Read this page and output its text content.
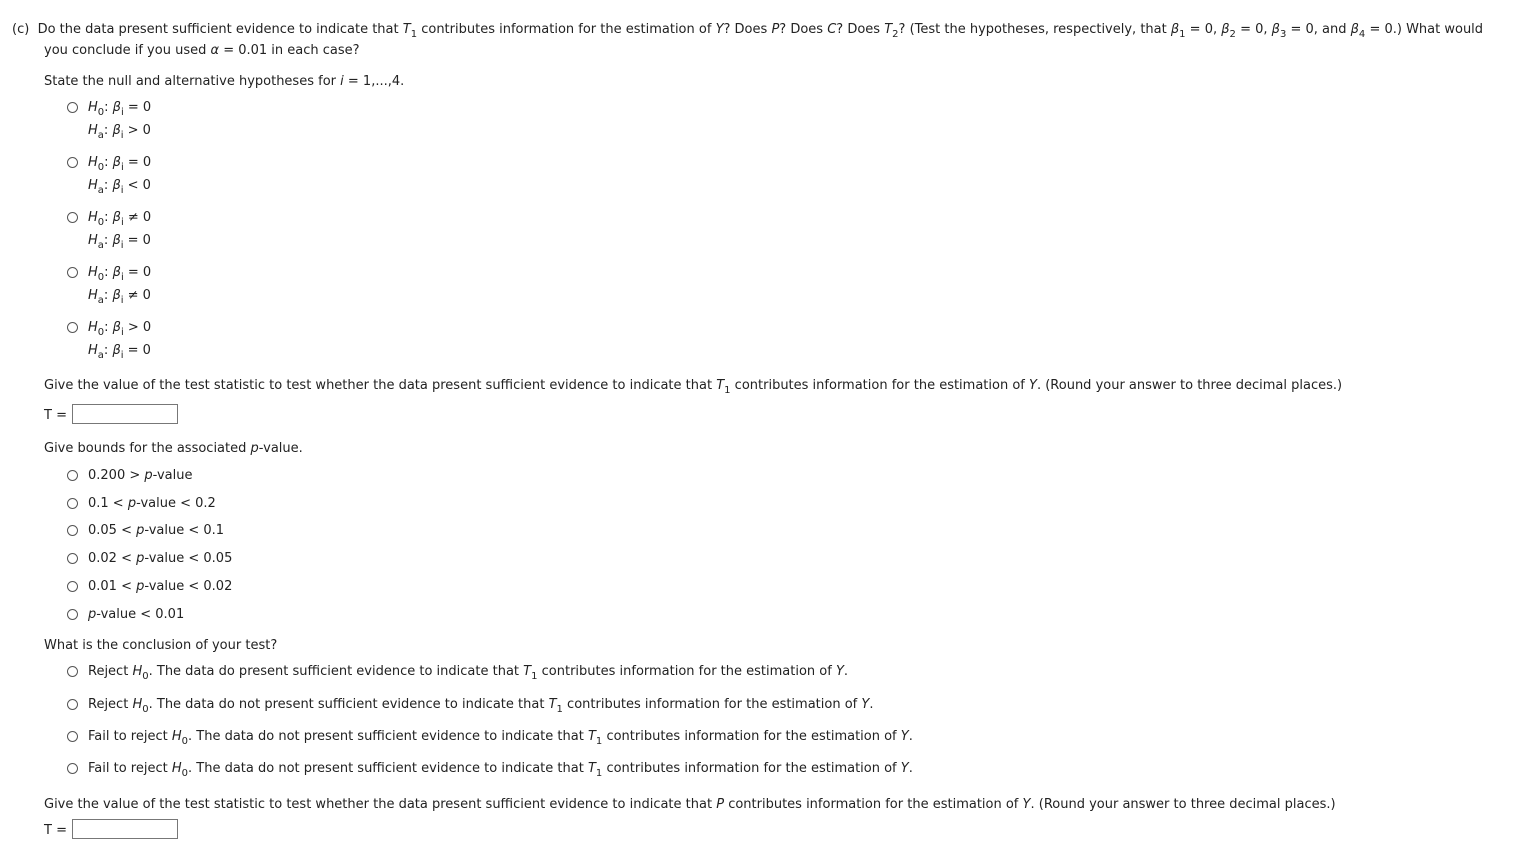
(c) Do the data present sufficient evidence to indicate that $T_1$ contributes information for the estimation of Y? Does P? Does C? Does $T_2$? (Test the hypotheses, respectively, that $\beta_1 = 0$, $\beta_2 = 0$, $\beta_3 = 0$, and $\beta_4 = 0$.) What would
you conclude if you used α = 0.01 in each case?
State the null and alternative hypotheses for i = 1,...,4.
$H_0$: $\beta_i = 0$
$H_a$: $\beta_i > 0$
$H_0$: $\beta_i = 0$
$H_a$: $\beta_i < 0$
$H_0$: $\beta_i \ne 0$
$H_a$: $\beta_i = 0$
$H_0$: $\beta_i = 0$
$H_a$: $\beta_i \ne 0$
$H_0$: $\beta_i > 0$
$H_a$: $\beta_i = 0$
Give the value of the test statistic to test whether the data present sufficient evidence to indicate that $T_1$ contributes information for the estimation of Y. (Round your answer to three decimal places.)
T =
Give bounds for the associated p-value.
0.200 > p-value
0.1 < p-value < 0.2
0.05 < p-value < 0.1
0.02 < p-value < 0.05
0.01 < p-value < 0.02
p-value < 0.01
What is the conclusion of your test?
Reject $H_0$. The data do present sufficient evidence to indicate that $T_1$ contributes information for the estimation of Y.
Reject $H_0$. The data do not present sufficient evidence to indicate that $T_1$ contributes information for the estimation of Y.
Fail to reject $H_0$. The data do not present sufficient evidence to indicate that $T_1$ contributes information for the estimation of Y.
Fail to reject $H_0$. The data do not present sufficient evidence to indicate that $T_1$ contributes information for the estimation of Y.
Give the value of the test statistic to test whether the data present sufficient evidence to indicate that P contributes information for the estimation of Y. (Round your answer to three decimal places.)
T =
